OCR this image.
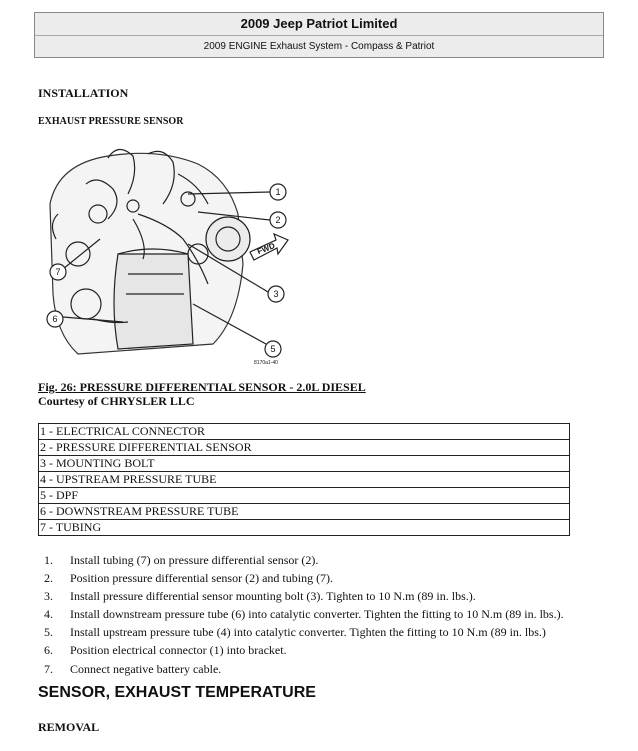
2009 Jeep Patriot Limited
2009 ENGINE Exhaust System - Compass & Patriot
INSTALLATION
EXHAUST PRESSURE SENSOR
1
2
3
5
6
7
FWD
8170a1-40
Fig. 26: PRESSURE DIFFERENTIAL SENSOR - 2.0L DIESEL
Courtesy of CHRYSLER LLC
1 - ELECTRICAL CONNECTOR
2 - PRESSURE DIFFERENTIAL SENSOR
3 - MOUNTING BOLT
4 - UPSTREAM PRESSURE TUBE
5 - DPF
6 - DOWNSTREAM PRESSURE TUBE
7 - TUBING
1. Install tubing (7) on pressure differential sensor (2).
2. Position pressure differential sensor (2) and tubing (7).
3. Install pressure differential sensor mounting bolt (3). Tighten to 10 N.m (89 in. lbs.).
4. Install downstream pressure tube (6) into catalytic converter. Tighten the fitting to 10 N.m (89 in. lbs.).
5. Install upstream pressure tube (4) into catalytic converter. Tighten the fitting to 10 N.m (89 in. lbs.)
6. Position electrical connector (1) into bracket.
7. Connect negative battery cable.
SENSOR, EXHAUST TEMPERATURE
REMOVAL
